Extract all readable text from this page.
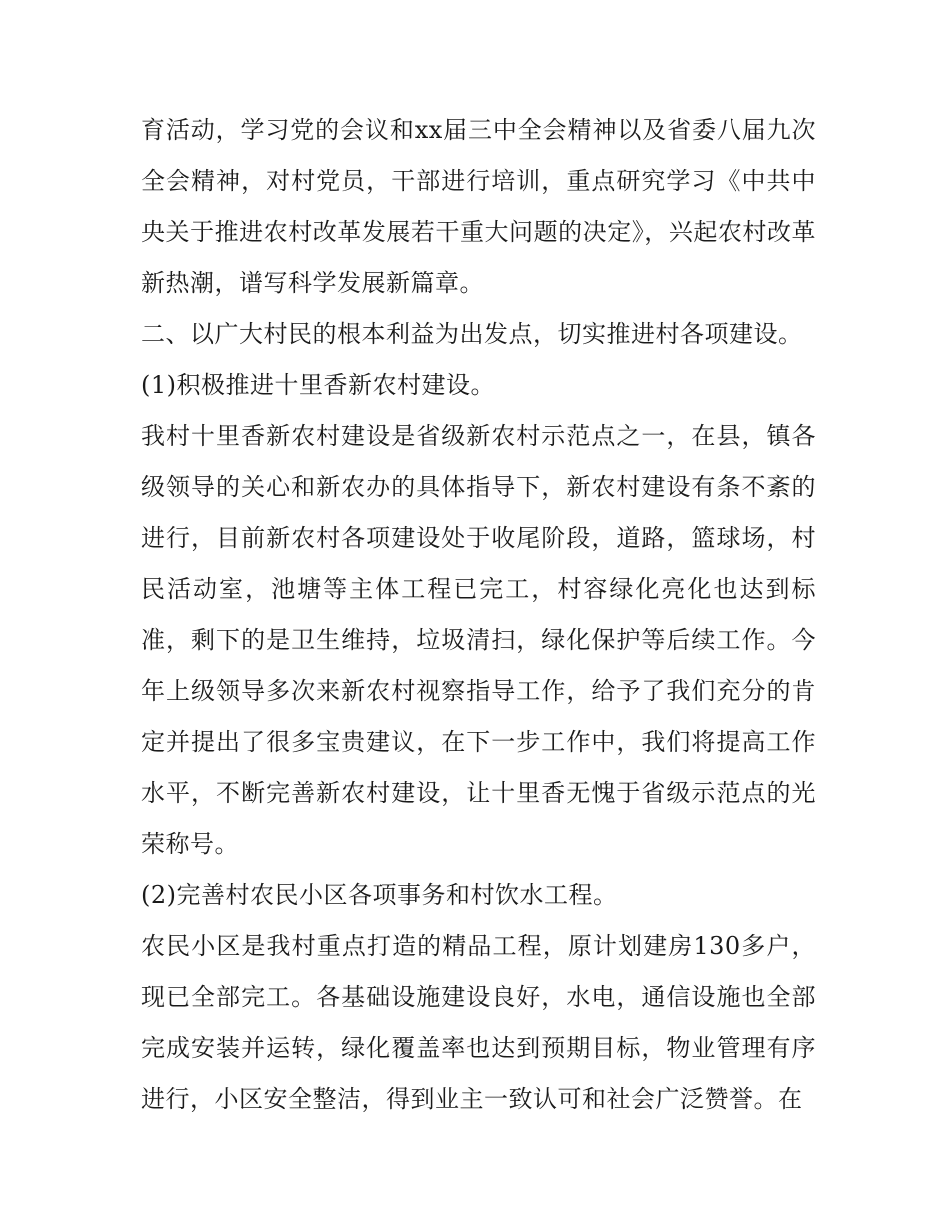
育活动，学习党的会议和xx届三中全会精神以及省委八届九次全会精神，对村党员，干部进行培训，重点研究学习《中共中央关于推进农村改革发展若干重大问题的决定》，兴起农村改革新热潮，谱写科学发展新篇章。

二、以广大村民的根本利益为出发点，切实推进村各项建设。

(1)积极推进十里香新农村建设。

我村十里香新农村建设是省级新农村示范点之一，在县，镇各级领导的关心和新农办的具体指导下，新农村建设有条不紊的进行，目前新农村各项建设处于收尾阶段，道路，篮球场，村民活动室，池塘等主体工程已完工，村容绿化亮化也达到标准，剩下的是卫生维持，垃圾清扫，绿化保护等后续工作。今年上级领导多次来新农村视察指导工作，给予了我们充分的肯定并提出了很多宝贵建议，在下一步工作中，我们将提高工作水平，不断完善新农村建设，让十里香无愧于省级示范点的光荣称号。

(2)完善村农民小区各项事务和村饮水工程。

农民小区是我村重点打造的精品工程，原计划建房130多户，现已全部完工。各基础设施建设良好，水电，通信设施也全部完成安装并运转，绿化覆盖率也达到预期目标，物业管理有序进行，小区安全整洁，得到业主一致认可和社会广泛赞誉。在
